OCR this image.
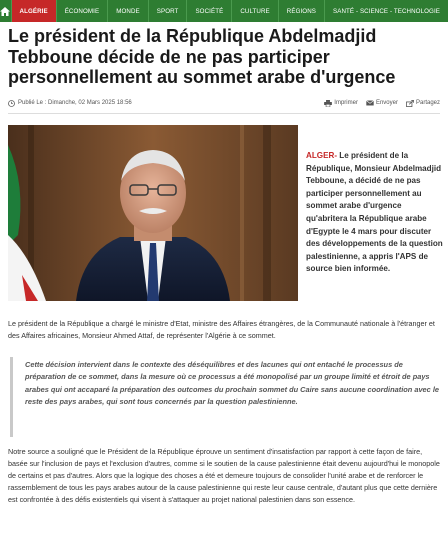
ALGÉRIE	ÉCONOMIE	MONDE	SPORT	SOCIÉTÉ	CULTURE	RÉGIONS	SANTÉ - SCIENCE - TECHNOLOGIE
Le président de la République Abdelmadjid Tebboune décide de ne pas participer personnellement au sommet arabe d'urgence
Publié Le : Dimanche, 02 Mars 2025 18:56	Imprimer	Envoyer	Partagez

ALGER- Le président de la République, Monsieur Abdelmadjid Tebboune, a décidé de ne pas participer personnellement au sommet arabe d'urgence qu'abritera la République arabe d'Egypte le 4 mars pour discuter des développements de la question palestinienne, a appris l'APS de source bien informée.

Le président de la République a chargé le ministre d'Etat, ministre des Affaires étrangères, de la Communauté nationale à l'étranger et des Affaires africaines, Monsieur Ahmed Attaf, de représenter l'Algérie à ce sommet.

Cette décision intervient dans le contexte des déséquilibres et des lacunes qui ont entaché le processus de préparation de ce sommet, dans la mesure où ce processus a été monopolisé par un groupe limité et étroit de pays arabes qui ont accaparé la préparation des outcomes du prochain sommet du Caire sans aucune coordination avec le reste des pays arabes, qui sont tous concernés par la question palestinienne.

Notre source a souligné que le Président de la République éprouve un sentiment d'insatisfaction par rapport à cette façon de faire, basée sur l'inclusion de pays et l'exclusion d'autres, comme si le soutien de la cause palestinienne était devenu aujourd'hui le monopole de certains et pas d'autres. Alors que la logique des choses a été et demeure toujours de consolider l'unité arabe et de renforcer le rassemblement de tous les pays arabes autour de la cause palestinienne qui reste leur cause centrale, d'autant plus que cette dernière est confrontée à des défis existentiels qui visent à s'attaquer au projet national palestinien dans son essence.
